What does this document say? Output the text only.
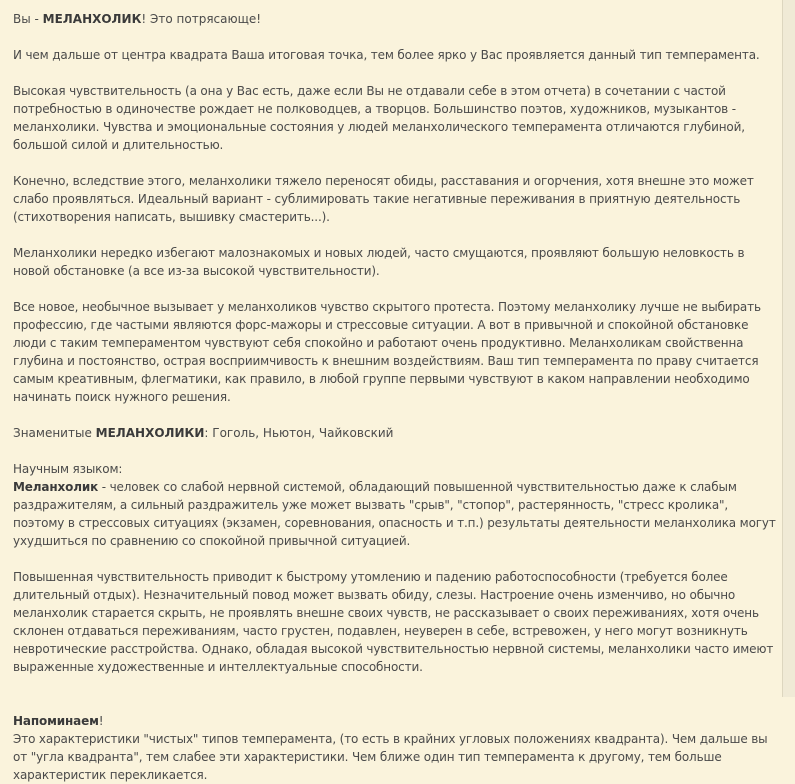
Вы - МЕЛАНХОЛИК! Это потрясающе!

И чем дальше от центра квадрата Ваша итоговая точка, тем более ярко у Вас проявляется данный тип темперамента.

Высокая чувствительность (а она у Вас есть, даже если Вы не отдавали себе в этом отчета) в сочетании с частой потребностью в одиночестве рождает не полководцев, а творцов. Большинство поэтов, художников, музыкантов - меланхолики. Чувства и эмоциональные состояния у людей меланхолического темперамента отличаются глубиной, большой силой и длительностью.

Конечно, вследствие этого, меланхолики тяжело переносят обиды, расставания и огорчения, хотя внешне это может слабо проявляться. Идеальный вариант - сублимировать такие негативные переживания в приятную деятельность (стихотворения написать, вышивку смастерить...).

Меланхолики нередко избегают малознакомых и новых людей, часто смущаются, проявляют большую неловкость в новой обстановке (а все из-за высокой чувствительности).

Все новое, необычное вызывает у меланхоликов чувство скрытого протеста. Поэтому меланхолику лучше не выбирать профессию, где частыми являются форс-мажоры и стрессовые ситуации. А вот в привычной и спокойной обстановке люди с таким темпераментом чувствуют себя спокойно и работают очень продуктивно. Меланхоликам свойственна глубина и постоянство, острая восприимчивость к внешним воздействиям. Ваш тип темперамента по праву считается самым креативным, флегматики, как правило, в любой группе первыми чувствуют в каком направлении необходимо начинать поиск нужного решения.

Знаменитые МЕЛАНХОЛИКИ: Гоголь, Ньютон, Чайковский

Научным языком:
Меланхолик - человек со слабой нервной системой, обладающий повышенной чувствительностью даже к слабым раздражителям, а сильный раздражитель уже может вызвать "срыв", "стопор", растерянность, "стресс кролика", поэтому в стрессовых ситуациях (экзамен, соревнования, опасность и т.п.) результаты деятельности меланхолика могут ухудшиться по сравнению со спокойной привычной ситуацией.

Повышенная чувствительность приводит к быстрому утомлению и падению работоспособности (требуется более длительный отдых). Незначительный повод может вызвать обиду, слезы. Настроение очень изменчиво, но обычно меланхолик старается скрыть, не проявлять внешне своих чувств, не рассказывает о своих переживаниях, хотя очень склонен отдаваться переживаниям, часто грустен, подавлен, неуверен в себе, встревожен, у него могут возникнуть невротические расстройства. Однако, обладая высокой чувствительностью нервной системы, меланхолики часто имеют выраженные художественные и интеллектуальные способности.

Напоминаем!
Это характеристики "чистых" типов темперамента, (то есть в крайних угловых положениях квадранта). Чем дальше вы от "угла квадранта", тем слабее эти характеристики. Чем ближе один тип темперамента к другому, тем больше характеристик перекликается.
